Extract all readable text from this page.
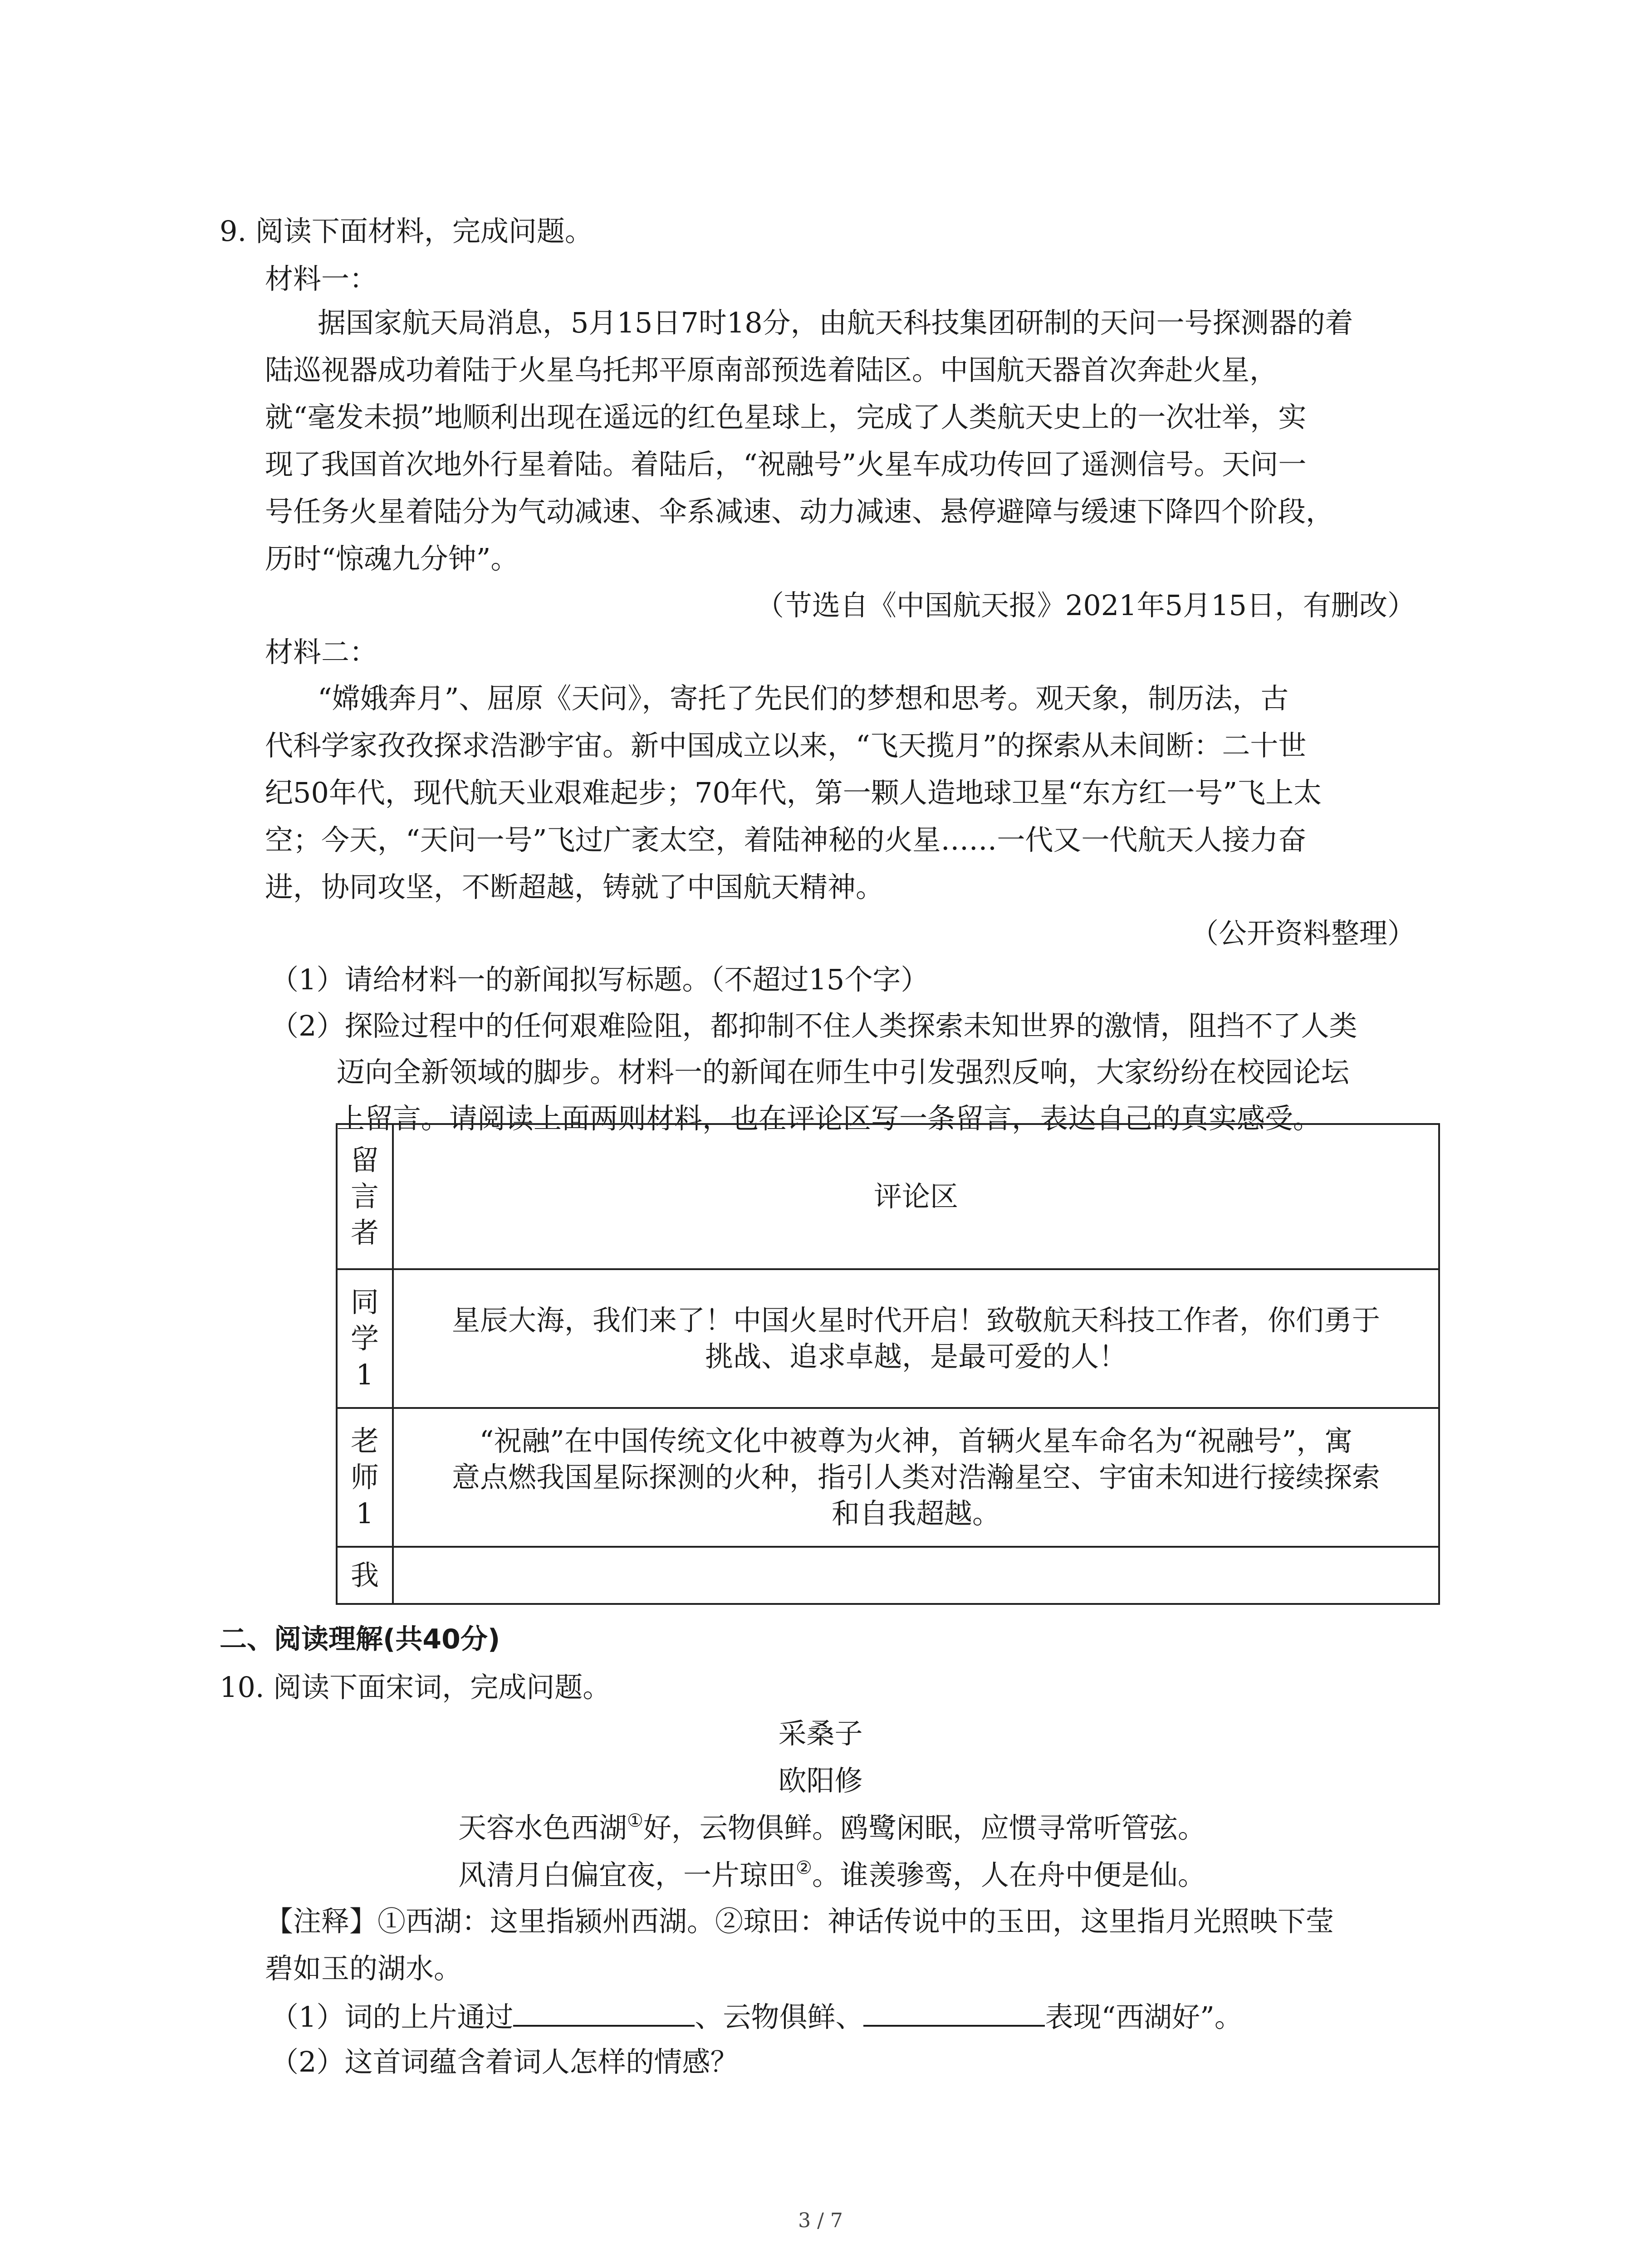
9. 阅读下面材料，完成问题。
材料一：
据国家航天局消息，5月15日7时18分，由航天科技集团研制的天问一号探测器的着
陆巡视器成功着陆于火星乌托邦平原南部预选着陆区。中国航天器首次奔赴火星，
就“毫发未损”地顺利出现在遥远的红色星球上，完成了人类航天史上的一次壮举，实
现了我国首次地外行星着陆。着陆后，“祝融号”火星车成功传回了遥测信号。天问一
号任务火星着陆分为气动减速、伞系减速、动力减速、悬停避障与缓速下降四个阶段，
历时“惊魂九分钟”。
（节选自《中国航天报》2021年5月15日，有删改）
材料二：
“嫦娥奔月”、屈原《天问》，寄托了先民们的梦想和思考。观天象，制历法，古
代科学家孜孜探求浩渺宇宙。新中国成立以来，“飞天揽月”的探索从未间断：二十世
纪50年代，现代航天业艰难起步；70年代，第一颗人造地球卫星“东方红一号”飞上太
空；今天，“天问一号”飞过广袤太空，着陆神秘的火星……一代又一代航天人接力奋
进，协同攻坚，不断超越，铸就了中国航天精神。
（公开资料整理）
（1）请给材料一的新闻拟写标题。（不超过15个字）
（2）探险过程中的任何艰难险阻，都抑制不住人类探索未知世界的激情，阻挡不了人类
迈向全新领域的脚步。材料一的新闻在师生中引发强烈反响，大家纷纷在校园论坛
上留言。请阅读上面两则材料，也在评论区写一条留言，表达自己的真实感受。
留
言
者	评论区

同
学
1	星辰大海，我们来了！中国火星时代开启！致敬航天科技工作者，你们勇于
挑战、追求卓越，是最可爱的人！

老
师
1	“祝融”在中国传统文化中被尊为火神，首辆火星车命名为“祝融号”，寓
意点燃我国星际探测的火种，指引人类对浩瀚星空、宇宙未知进行接续探索
和自我超越。

我	
二、阅读理解(共40分)
10. 阅读下面宋词，完成问题。
采桑子
欧阳修
天容水色西湖①好，云物俱鲜。鸥鹭闲眠，应惯寻常听管弦。
风清月白偏宜夜，一片琼田②。谁羡骖鸾，人在舟中便是仙。
【注释】①西湖：这里指颍州西湖。②琼田：神话传说中的玉田，这里指月光照映下莹
碧如玉的湖水。
（1）词的上片通过	、云物俱鲜、	表现“西湖好”。
（2）这首词蕴含着词人怎样的情感？
3 / 7
